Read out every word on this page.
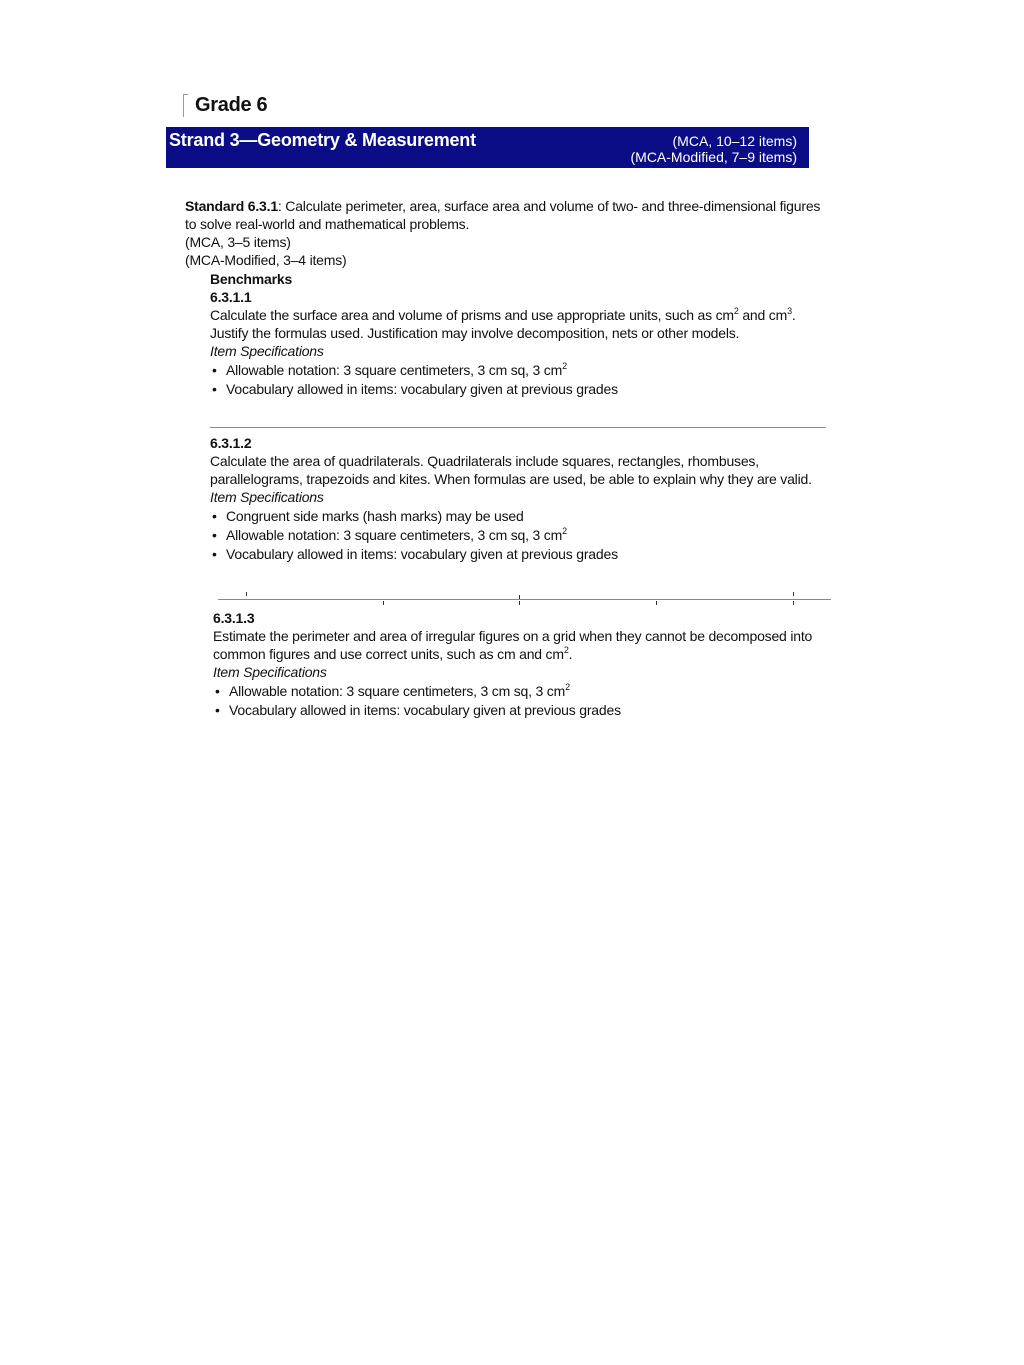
Grade 6
Strand 3—Geometry & Measurement	(MCA, 10–12 items)
(MCA-Modified, 7–9 items)
Standard 6.3.1: Calculate perimeter, area, surface area and volume of two- and three-dimensional figures to solve real-world and mathematical problems.
(MCA, 3–5 items)
(MCA-Modified, 3–4 items)
Benchmarks
6.3.1.1
Calculate the surface area and volume of prisms and use appropriate units, such as $cm^2$ and $cm^3$. Justify the formulas used. Justification may involve decomposition, nets or other models.
Item Specifications
• Allowable notation: 3 square centimeters, 3 cm sq, 3 $cm^2$
• Vocabulary allowed in items: vocabulary given at previous grades
6.3.1.2
Calculate the area of quadrilaterals. Quadrilaterals include squares, rectangles, rhombuses, parallelograms, trapezoids and kites. When formulas are used, be able to explain why they are valid.
Item Specifications
• Congruent side marks (hash marks) may be used
• Allowable notation: 3 square centimeters, 3 cm sq, 3 $cm^2$
• Vocabulary allowed in items: vocabulary given at previous grades
6.3.1.3
Estimate the perimeter and area of irregular figures on a grid when they cannot be decomposed into common figures and use correct units, such as cm and $cm^2$.
Item Specifications
• Allowable notation: 3 square centimeters, 3 cm sq, 3 $cm^2$
• Vocabulary allowed in items: vocabulary given at previous grades
